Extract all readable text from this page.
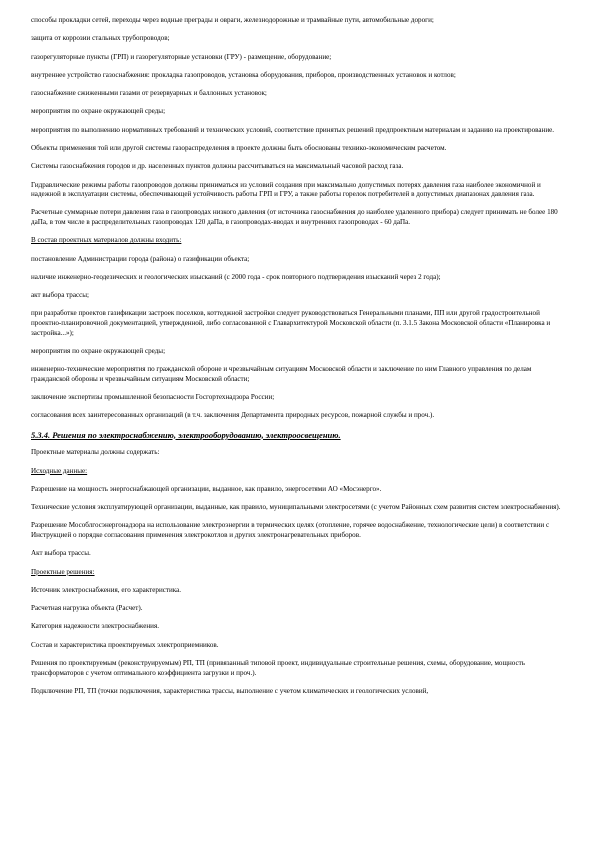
способы прокладки сетей, переходы через водные преграды и овраги, железнодорожные и трамвайные пути, автомобильные дороги;

защита от коррозии стальных трубопроводов;

газорегуляторные пункты (ГРП) и газорегуляторные установки (ГРУ) - размещение, оборудование;

внутреннее устройство газоснабжения: прокладка газопроводов, установка оборудования, приборов, производственных установок и котлов;

газоснабжение сжиженными газами от резервуарных и баллонных установок;

мероприятия по охране окружающей среды;

мероприятия по выполнению нормативных требований и технических условий, соответствие принятых решений предпроектным материалам и заданию на проектирование.

Объекты применения той или другой системы газораспределения в проекте должны быть обоснованы технико-экономическим расчетом.

Системы газоснабжения городов и др. населенных пунктов должны рассчитываться на максимальный часовой расход газа.

Гидравлические режимы работы газопроводов должны приниматься из условий создания при максимально допустимых потерях давления газа наиболее экономичной и надежной в эксплуатации системы, обеспечивающей устойчивость работы ГРП и ГРУ, а также работы горелок потребителей в допустимых диапазонах давления газа.

Расчетные суммарные потери давления газа в газопроводах низкого давления (от источника газоснабжения до наиболее удаленного прибора) следует принимать не более 180 даПа, в том числе в распределительных газопроводах 120 даПа, в газопроводах-вводах и внутренних газопроводах - 60 даПа.

В состав проектных материалов должны входить:

постановление Администрации города (района) о газификации объекта;

наличие инженерно-геодезических и геологических изысканий (с 2000 года - срок повторного подтверждения изысканий через 2 года);

акт выбора трассы;

при разработке проектов газификации застроек поселков, коттеджной застройки следует руководствоваться Генеральными планами, ПП или другой градостроительной проектно-планировочной документацией, утвержденной, либо согласованной с Главархитектурой Московской области (п. 3.1.5 Закона Московской области «Планировка и застройка...»);

мероприятия по охране окружающей среды;

инженерно-технические мероприятия по гражданской обороне и чрезвычайным ситуациям Московской области и заключение по ним Главного управления по делам гражданской обороны и чрезвычайным ситуациям Московской области;

заключение экспертизы промышленной безопасности Госгортехнадзора России;

согласования всех заинтересованных организаций (в т.ч. заключения Департамента природных ресурсов, пожарной службы и проч.).

5.3.4. Решения по электроснабжению, электрооборудованию, электроосвещению.

Проектные материалы должны содержать:

Исходные данные:

Разрешение на мощность энергоснабжающей организации, выданное, как правило, энергосетями АО «Мосэнерго».

Технические условия эксплуатирующей организации, выданные, как правило, муниципальными электросетями (с учетом Районных схем развития систем электроснабжения).

Разрешение Мособлгосэнергонадзора на использование электроэнергии в термических целях (отопление, горячее водоснабжение, технологические цели) в соответствии с Инструкцией о порядке согласования применения электрокотлов и других электронагревательных приборов.

Акт выбора трассы.

Проектные решения:

Источник электроснабжения, его характеристика.

Расчетная нагрузка объекта (Расчет).

Категория надежности электроснабжения.

Состав и характеристика проектируемых электроприемников.

Решения по проектируемым (реконструируемым) РП, ТП (привязанный типовой проект, индивидуальные строительные решения, схемы, оборудование, мощность трансформаторов с учетом оптимального коэффициента загрузки и проч.).

Подключение РП, ТП (точки подключения, характеристика трассы, выполнение с учетом климатических и геологических условий,
